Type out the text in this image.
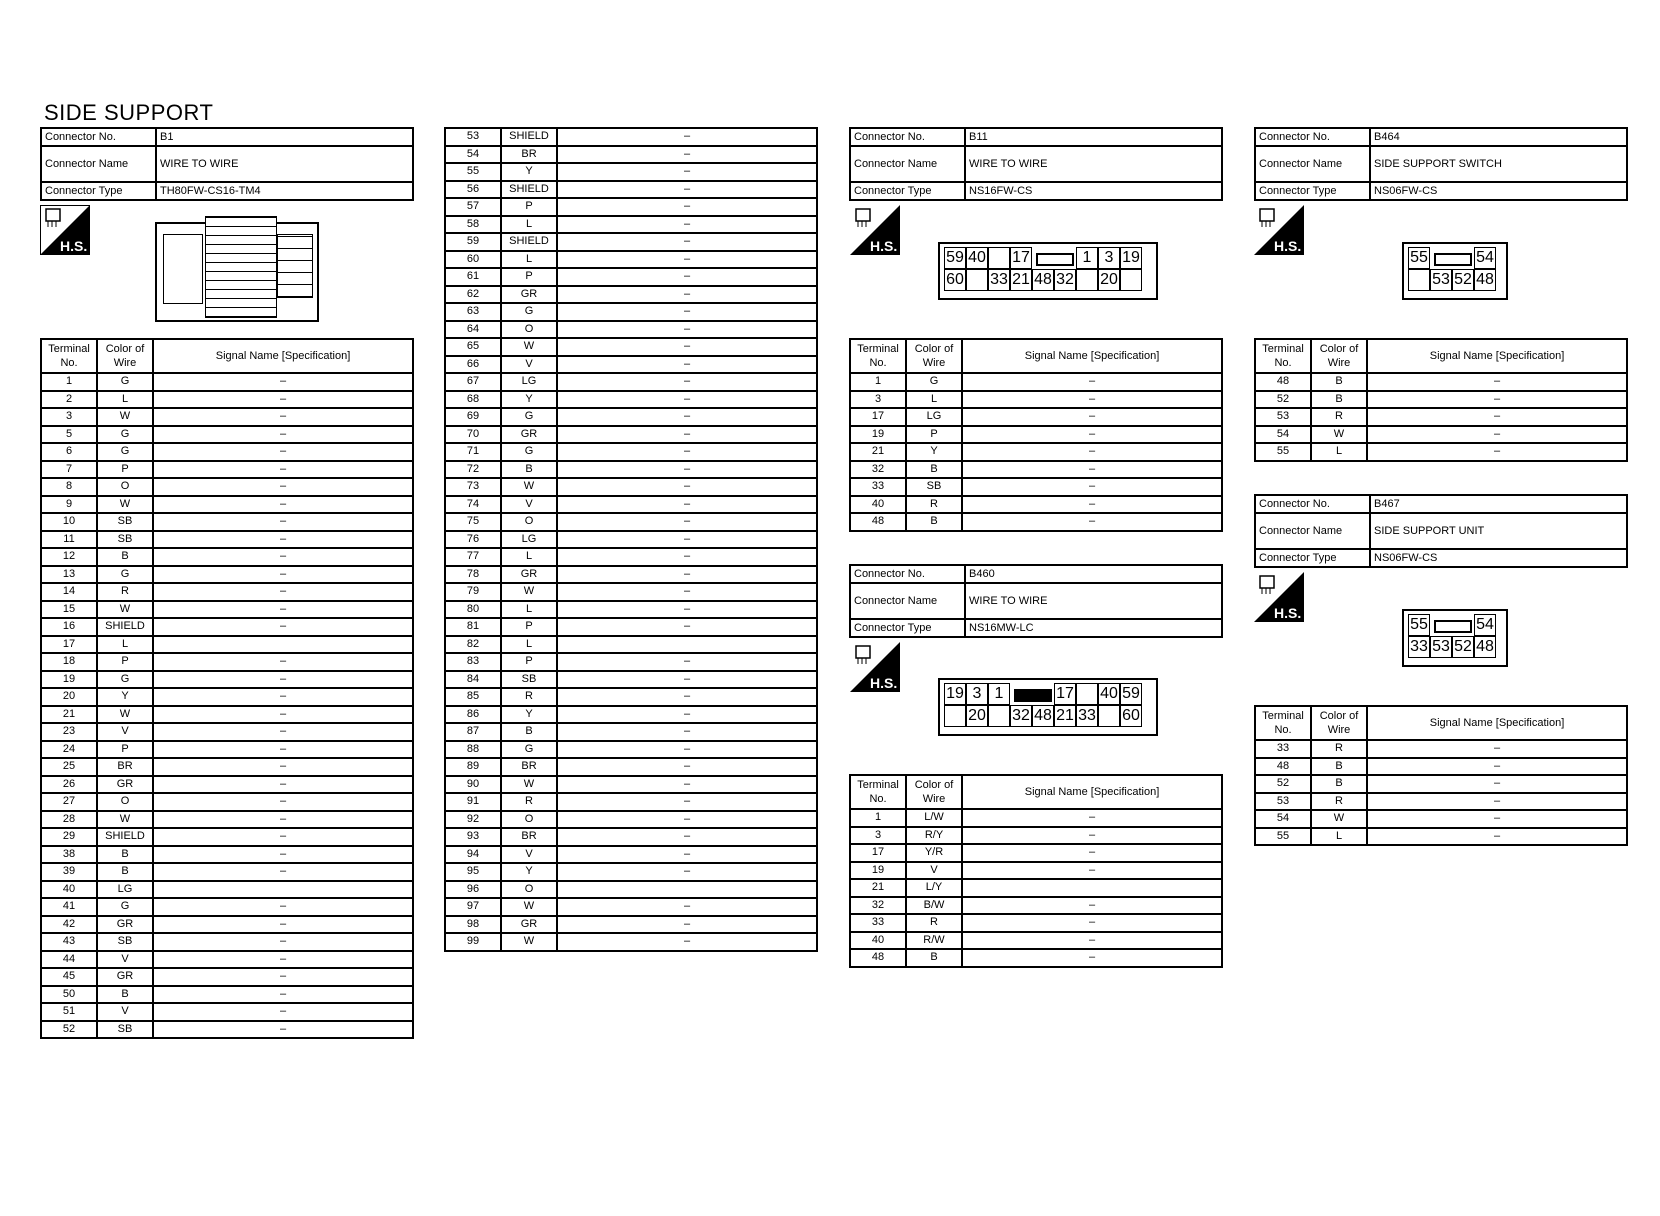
SIDE SUPPORT
Connector No.	B1
Connector Name	WIRE TO WIRE
Connector Type	TH80FW-CS16-TM4
H.S.
Terminal No.	Color of Wire	Signal Name [Specification]
1	G	–
2	L	–
3	W	–
5	G	–
6	G	–
7	P	–
8	O	–
9	W	–
10	SB	–
11	SB	–
12	B	–
13	G	–
14	R	–
15	W	–
16	SHIELD	–
17	L	
18	P	–
19	G	–
20	Y	–
21	W	–
23	V	–
24	P	–
25	BR	–
26	GR	–
27	O	–
28	W	–
29	SHIELD	–
38	B	–
39	B	–
40	LG	
41	G	–
42	GR	–
43	SB	–
44	V	–
45	GR	–
50	B	–
51	V	–
52	SB	–
53	SHIELD	–
54	BR	–
55	Y	–
56	SHIELD	–
57	P	–
58	L	–
59	SHIELD	–
60	L	–
61	P	–
62	GR	–
63	G	–
64	O	–
65	W	–
66	V	–
67	LG	–
68	Y	–
69	G	–
70	GR	–
71	G	–
72	B	–
73	W	–
74	V	–
75	O	–
76	LG	–
77	L	–
78	GR	–
79	W	–
80	L	–
81	P	–
82	L	
83	P	–
84	SB	–
85	R	–
86	Y	–
87	B	–
88	G	–
89	BR	–
90	W	–
91	R	–
92	O	–
93	BR	–
94	V	–
95	Y	–
96	O	
97	W	–
98	GR	–
99	W	–
Connector No.	B11
Connector Name	WIRE TO WIRE
Connector Type	NS16FW-CS
H.S.
59 40 17	1 3 19
60 33 21 48 32 20
Terminal No.	Color of Wire	Signal Name [Specification]
1	G	–
3	L	–
17	LG	–
19	P	–
21	Y	–
32	B	–
33	SB	–
40	R	–
48	B	–
Connector No.	B460
Connector Name	WIRE TO WIRE
Connector Type	NS16MW-LC
H.S.
19 3 1	17 40 59
20 32 48 21 33 60
Terminal No.	Color of Wire	Signal Name [Specification]
1	L/W	–
3	R/Y	–
17	Y/R	–
19	V	–
21	L/Y	
32	B/W	–
33	R	–
40	R/W	–
48	B	–
Connector No.	B464
Connector Name	SIDE SUPPORT SWITCH
Connector Type	NS06FW-CS
H.S.
55	54
53 52 48
Terminal No.	Color of Wire	Signal Name [Specification]
48	B	–
52	B	–
53	R	–
54	W	–
55	L	–
Connector No.	B467
Connector Name	SIDE SUPPORT UNIT
Connector Type	NS06FW-CS
H.S.
55	54
33 53 52 48
Terminal No.	Color of Wire	Signal Name [Specification]
33	R	–
48	B	–
52	B	–
53	R	–
54	W	–
55	L	–
